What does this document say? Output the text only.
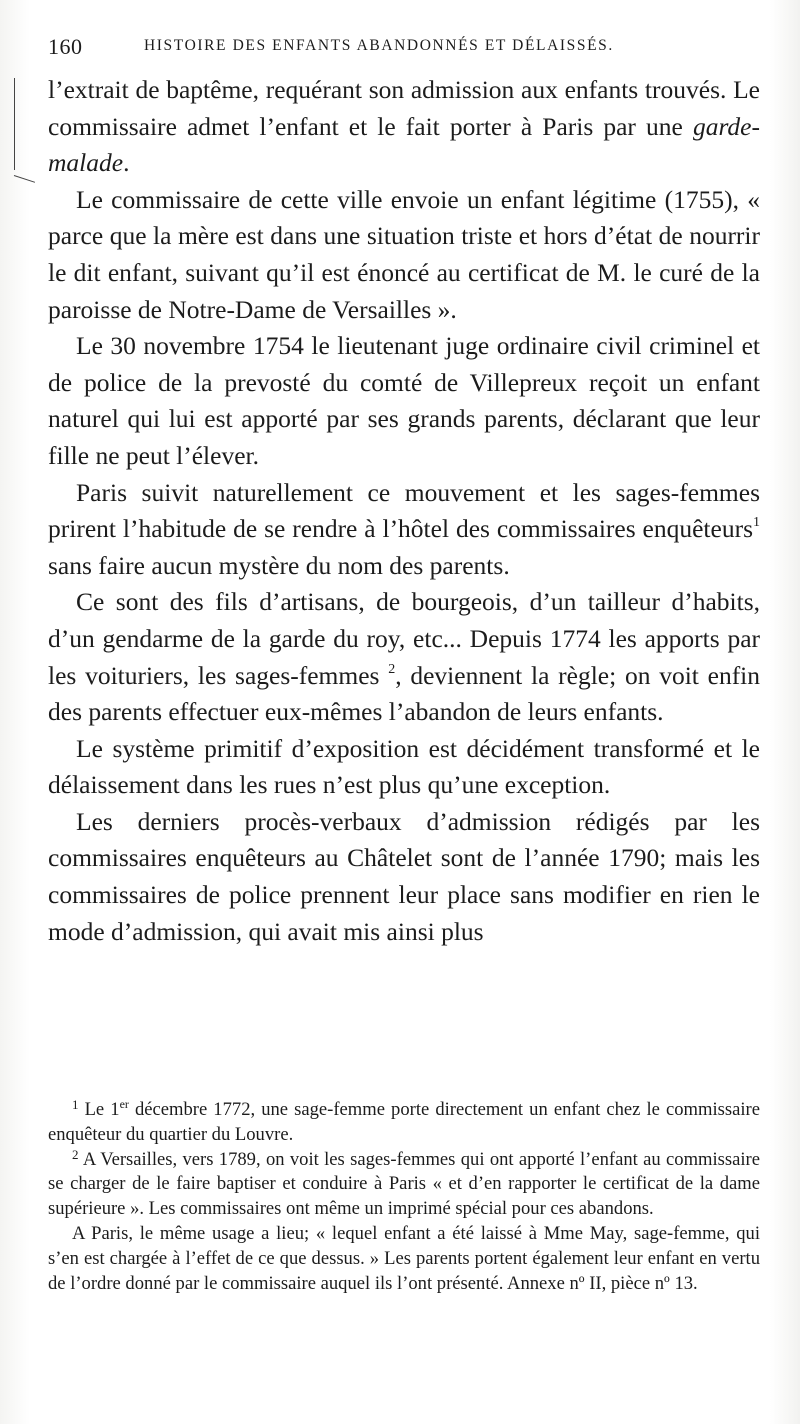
160	HISTOIRE DES ENFANTS ABANDONNÉS ET DÉLAISSÉS.

l’extrait de baptême, requérant son admission aux enfants trouvés. Le commissaire admet l’enfant et le fait porter à Paris par une garde-malade.

Le commissaire de cette ville envoie un enfant légitime (1755), « parce que la mère est dans une situation triste et hors d’état de nourrir le dit enfant, suivant qu’il est énoncé au certificat de M. le curé de la paroisse de Notre-Dame de Versailles ».

Le 30 novembre 1754 le lieutenant juge ordinaire civil criminel et de police de la prevosté du comté de Villepreux reçoit un enfant naturel qui lui est apporté par ses grands parents, déclarant que leur fille ne peut l’élever.

Paris suivit naturellement ce mouvement et les sages-femmes prirent l’habitude de se rendre à l’hôtel des commissaires enquêteurs$^1$ sans faire aucun mystère du nom des parents.

Ce sont des fils d’artisans, de bourgeois, d’un tailleur d’habits, d’un gendarme de la garde du roy, etc... Depuis 1774 les apports par les voituriers, les sages-femmes $^2$, deviennent la règle; on voit enfin des parents effectuer eux-mêmes l’abandon de leurs enfants.

Le système primitif d’exposition est décidément transformé et le délaissement dans les rues n’est plus qu’une exception.

Les derniers procès-verbaux d’admission rédigés par les commissaires enquêteurs au Châtelet sont de l’année 1790; mais les commissaires de police prennent leur place sans modifier en rien le mode d’admission, qui avait mis ainsi plus

$^1$ Le 1er décembre 1772, une sage-femme porte directement un enfant chez le commissaire enquêteur du quartier du Louvre.

$^2$ A Versailles, vers 1789, on voit les sages-femmes qui ont apporté l’enfant au commissaire se charger de le faire baptiser et conduire à Paris « et d’en rapporter le certificat de la dame supérieure ». Les commissaires ont même un imprimé spécial pour ces abandons.

A Paris, le même usage a lieu; « lequel enfant a été laissé à Mme May, sage-femme, qui s’en est chargée à l’effet de ce que dessus. » Les parents portent également leur enfant en vertu de l’ordre donné par le commissaire auquel ils l’ont présenté. Annexe nº II, pièce nº 13.
